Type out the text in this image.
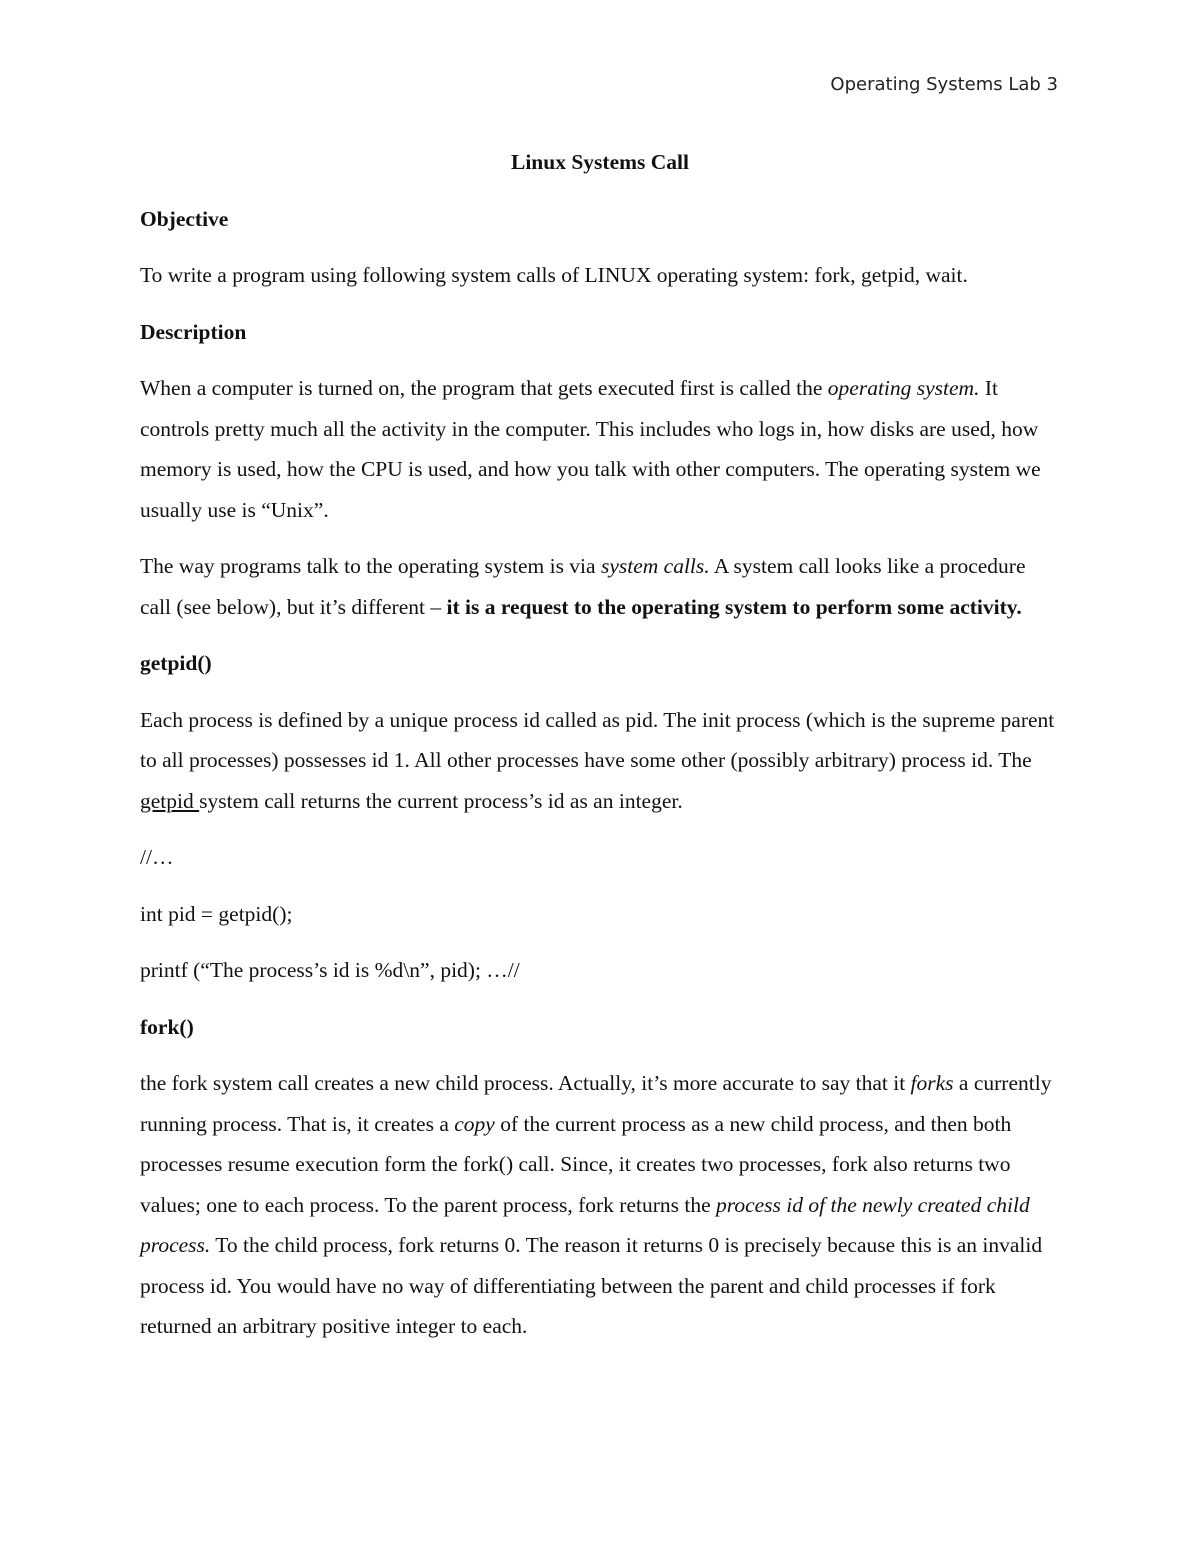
Operating Systems Lab 3
Linux Systems Call
Objective

To write a program using following system calls of LINUX operating system: fork, getpid, wait.

Description

When a computer is turned on, the program that gets executed first is called the operating system. It controls pretty much all the activity in the computer. This includes who logs in, how disks are used, how memory is used, how the CPU is used, and how you talk with other computers. The operating system we usually use is “Unix”.

The way programs talk to the operating system is via system calls. A system call looks like a procedure call (see below), but it’s different – it is a request to the operating system to perform some activity.

getpid()

Each process is defined by a unique process id called as pid. The init process (which is the supreme parent to all processes) possesses id 1. All other processes have some other (possibly arbitrary) process id. The getpid system call returns the current process’s id as an integer.

//…

int pid = getpid();

printf (“The process’s id is %d\n”, pid); …//

fork()

the fork system call creates a new child process. Actually, it’s more accurate to say that it forks a currently running process. That is, it creates a copy of the current process as a new child process, and then both processes resume execution form the fork() call. Since, it creates two processes, fork also returns two values; one to each process. To the parent process, fork returns the process id of the newly created child process. To the child process, fork returns 0. The reason it returns 0 is precisely because this is an invalid process id. You would have no way of differentiating between the parent and child processes if fork returned an arbitrary positive integer to each.
